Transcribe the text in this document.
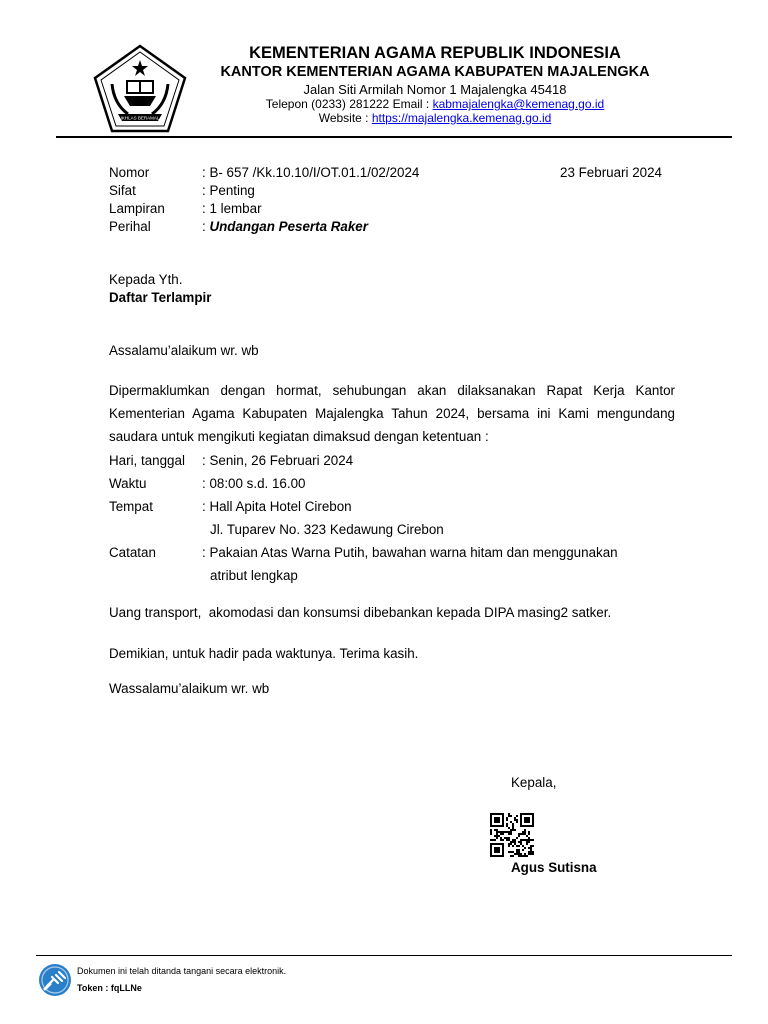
IKHLAS BERAMAL
KEMENTERIAN AGAMA REPUBLIK INDONESIA
KANTOR KEMENTERIAN AGAMA KABUPATEN MAJALENGKA
Jalan Siti Armilah Nomor 1 Majalengka 45418
Telepon (0233) 281222 Email : kabmajalengka@kemenag.go.id
Website : https://majalengka.kemenag.go.id
Nomor	: B- 657 /Kk.10.10/I/OT.01.1/02/2024	23 Februari 2024
Sifat	: Penting
Lampiran	: 1 lembar
Perihal	: Undangan Peserta Raker
Kepada Yth.
Daftar Terlampir
Assalamu’alaikum wr. wb
Dipermaklumkan dengan hormat, sehubungan akan dilaksanakan Rapat Kerja Kantor
Kementerian Agama Kabupaten Majalengka Tahun 2024, bersama ini Kami mengundang
saudara untuk mengikuti kegiatan dimaksud dengan ketentuan :
Hari, tanggal : Senin, 26 Februari 2024
Waktu	: 08:00 s.d. 16.00
Tempat	: Hall Apita Hotel Cirebon
Jl. Tuparev No. 323 Kedawung Cirebon
Catatan	: Pakaian Atas Warna Putih, bawahan warna hitam dan menggunakan
atribut lengkap
Uang transport,  akomodasi dan konsumsi dibebankan kepada DIPA masing2 satker.
Demikian, untuk hadir pada waktunya. Terima kasih.
Wassalamu’alaikum wr. wb
Kepala,
Agus Sutisna
Dokumen ini telah ditanda tangani secara elektronik.
Token : fqLLNe
